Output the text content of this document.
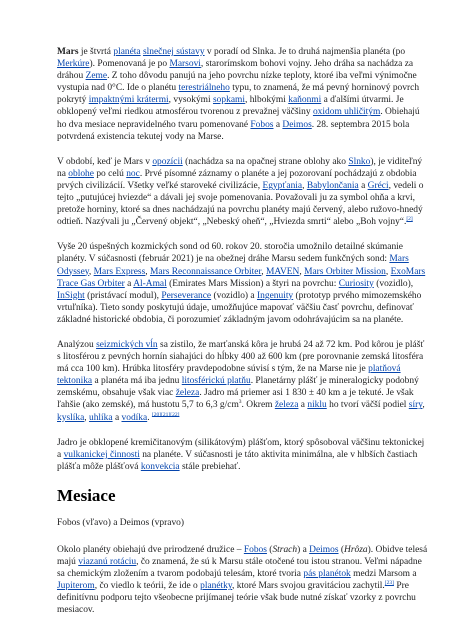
Mars je štvrtá planéta slnečnej sústavy v poradí od Slnka. Je to druhá najmenšia planéta (po Merkúre). Pomenovaná je po Marsovi, starorímskom bohovi vojny. Jeho dráha sa nachádza za dráhou Zeme. Z toho dôvodu panujú na jeho povrchu nízke teploty, ktoré iba veľmi výnimočne vystupia nad 0°C. Ide o planétu terestriálneho typu, to znamená, že má pevný horninový povrch pokrytý impaktnými krátermi, vysokými sopkami, hlbokými kaňonmi a ďalšími útvarmi. Je obklopený veľmi riedkou atmosférou tvorenou z prevažnej väčšiny oxidom uhličitým. Obiehajú ho dva mesiace nepravidelného tvaru pomenované Fobos a Deimos. 28. septembra 2015 bola potvrdená existencia tekutej vody na Marse.

V období, keď je Mars v opozícii (nachádza sa na opačnej strane oblohy ako Slnko), je viditeľný na oblohe po celú noc. Prvé písomné záznamy o planéte a jej pozorovaní pochádzajú z obdobia prvých civilizácií. Všetky veľké staroveké civilizácie, Egypťania, Babylončania a Gréci, vedeli o tejto „putujúcej hviezde“ a dávali jej svoje pomenovania. Považovali ju za symbol ohňa a krvi, pretože horniny, ktoré sa dnes nachádzajú na povrchu planéty majú červený, alebo ružovo-hnedý odtieň. Nazývali ju „Červený objekt“, „Nebeský oheň“, „Hviezda smrti“ alebo „Boh vojny“.[2]

Vyše 20 úspešných kozmických sond od 60. rokov 20. storočia umožnilo detailné skúmanie planéty. V súčasnosti (február 2021) je na obežnej dráhe Marsu sedem funkčných sond: Mars Odyssey, Mars Express, Mars Reconnaissance Orbiter, MAVEN, Mars Orbiter Mission, ExoMars Trace Gas Orbiter a Al-Amal (Emirates Mars Mission) a štyri na povrchu: Curiosity (vozidlo), InSight (pristávací modul), Perseverance (vozidlo) a Ingenuity (prototyp prvého mimozemského vrtuľníka). Tieto sondy poskytujú údaje, umožňujúce mapovať väčšiu časť povrchu, definovať základné historické obdobia, či porozumieť základným javom odohrávajúcim sa na planéte.

Analýzou seizmických vĺn sa zistilo, že marťanská kôra je hrubá 24 až 72 km. Pod kôrou je plášť s litosférou z pevných hornín siahajúci do hĺbky 400 až 600 km (pre porovnanie zemská litosféra má cca 100 km). Hrúbka litosféry pravdepodobne súvisí s tým, že na Marse nie je platňová tektonika a planéta má iba jednu litosférickú platňu. Planetárny plášť je mineralogicky podobný zemskému, obsahuje však viac železa. Jadro má priemer asi 1 830 ± 40 km a je tekuté. Je však ľahšie (ako zemské), má hustotu 5,7 to 6,3 $g/cm^3$. Okrem železa a niklu ho tvorí väčší podiel síry, kyslíka, uhlíka a vodíka. [20][21][22]

Jadro je obklopené kremičitanovým (silikátovým) plášťom, ktorý spôsoboval väčšinu tektonickej a vulkanickej činnosti na planéte. V súčasnosti je táto aktivita minimálna, ale v hlbších častiach plášťa môže plášťová konvekcia stále prebiehať.

Mesiace
Fobos (vľavo) a Deimos (vpravo)

Okolo planéty obiehajú dve prirodzené družice – Fobos (Strach) a Deimos (Hrôza). Obidve telesá majú viazanú rotáciu, čo znamená, že sú k Marsu stále otočené tou istou stranou. Veľmi nápadne sa chemickým zložením a tvarom podobajú telesám, ktoré tvoria pás planétok medzi Marsom a Jupiterom, čo viedlo k teórii, že ide o planétky, ktoré Mars svojou gravitáciou zachytil.[23] Pre definitívnu podporu tejto všeobecne prijímanej teórie však bude nutné získať vzorky z povrchu mesiacov.
